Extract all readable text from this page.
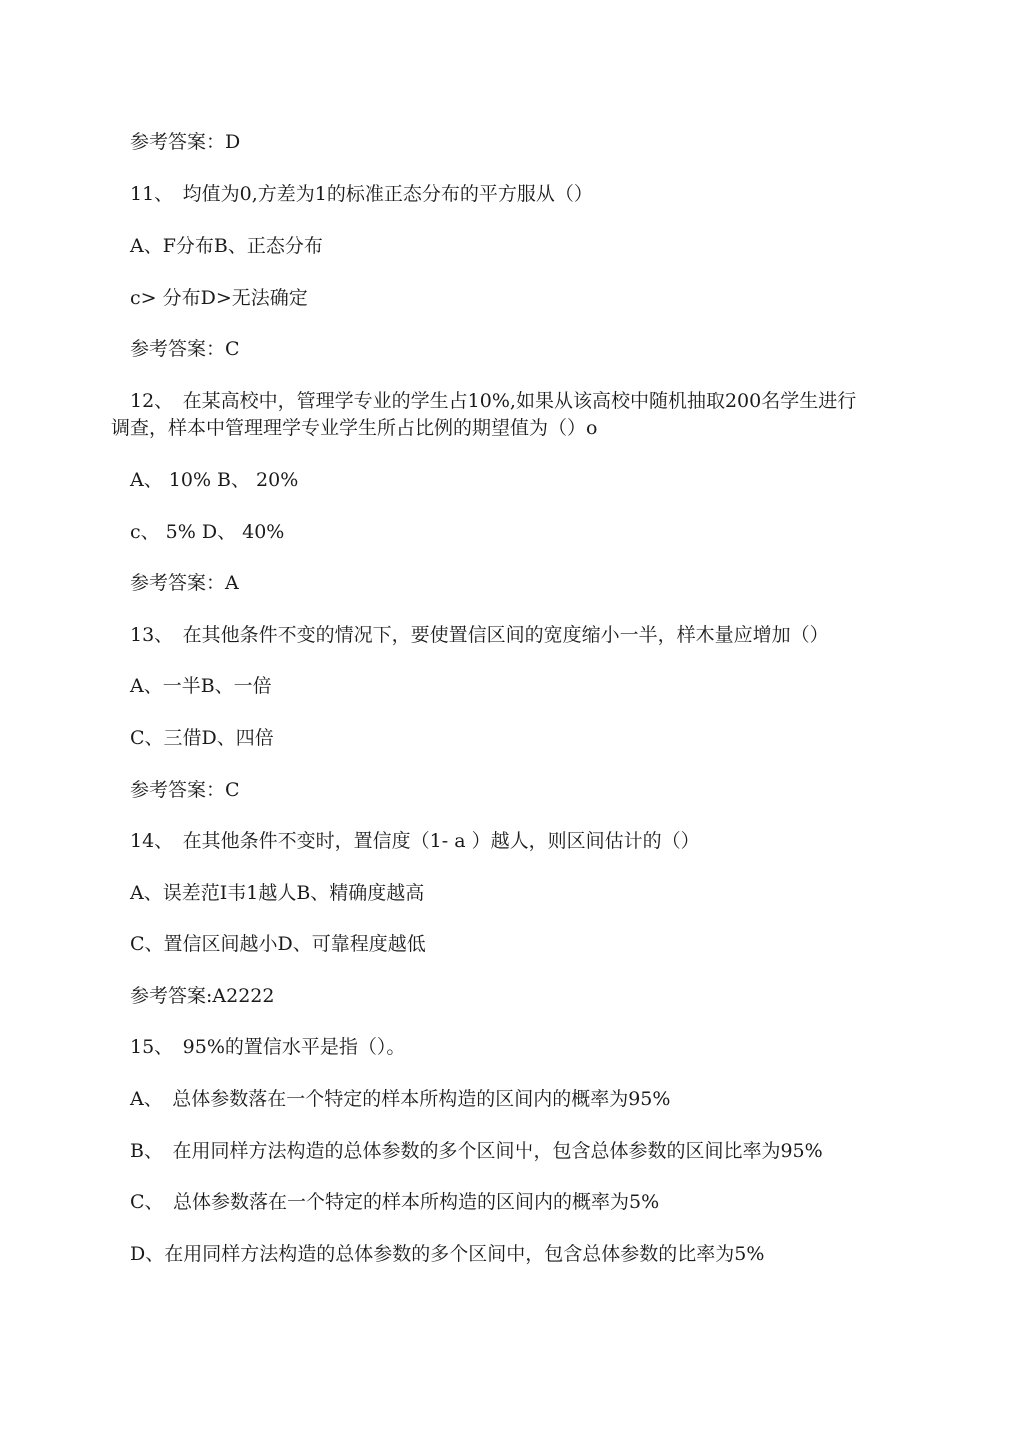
参考答案：D
11、　均值为0,方差为1的标准正态分布的平方服从（）
A、F分布B、正态分布
c> 分布D>无法确定
参考答案：C
12、　在某高校中，管理学专业的学生占10%,如果从该高校中随机抽取200名学生进行
调查，样本中管理理学专业学生所占比例的期望值为（）o
A、 10% B、 20%
c、 5% D、 40%
参考答案：A
13、　在其他条件不变的情况下，要使置信区间的宽度缩小一半，样木量应增加（）
A、一半B、一倍
C、三借D、四倍
参考答案：C
14、　在其他条件不变时，置信度（1- a ）越人，则区间估计的（）
A、误差范I韦1越人B、精确度越高
C、置信区间越小D、可靠程度越低
参考答案:A2222
15、　95%的置信水平是指（）。
A、　总体参数落在一个特定的样本所构造的区间内的概率为95%
B、　在用同样方法构造的总体参数的多个区间屮，包含总体参数的区间比率为95%
C、　总体参数落在一个特定的样本所构造的区间内的概率为5%
D、在用同样方法构造的总体参数的多个区间中，包含总体参数的比率为5%
